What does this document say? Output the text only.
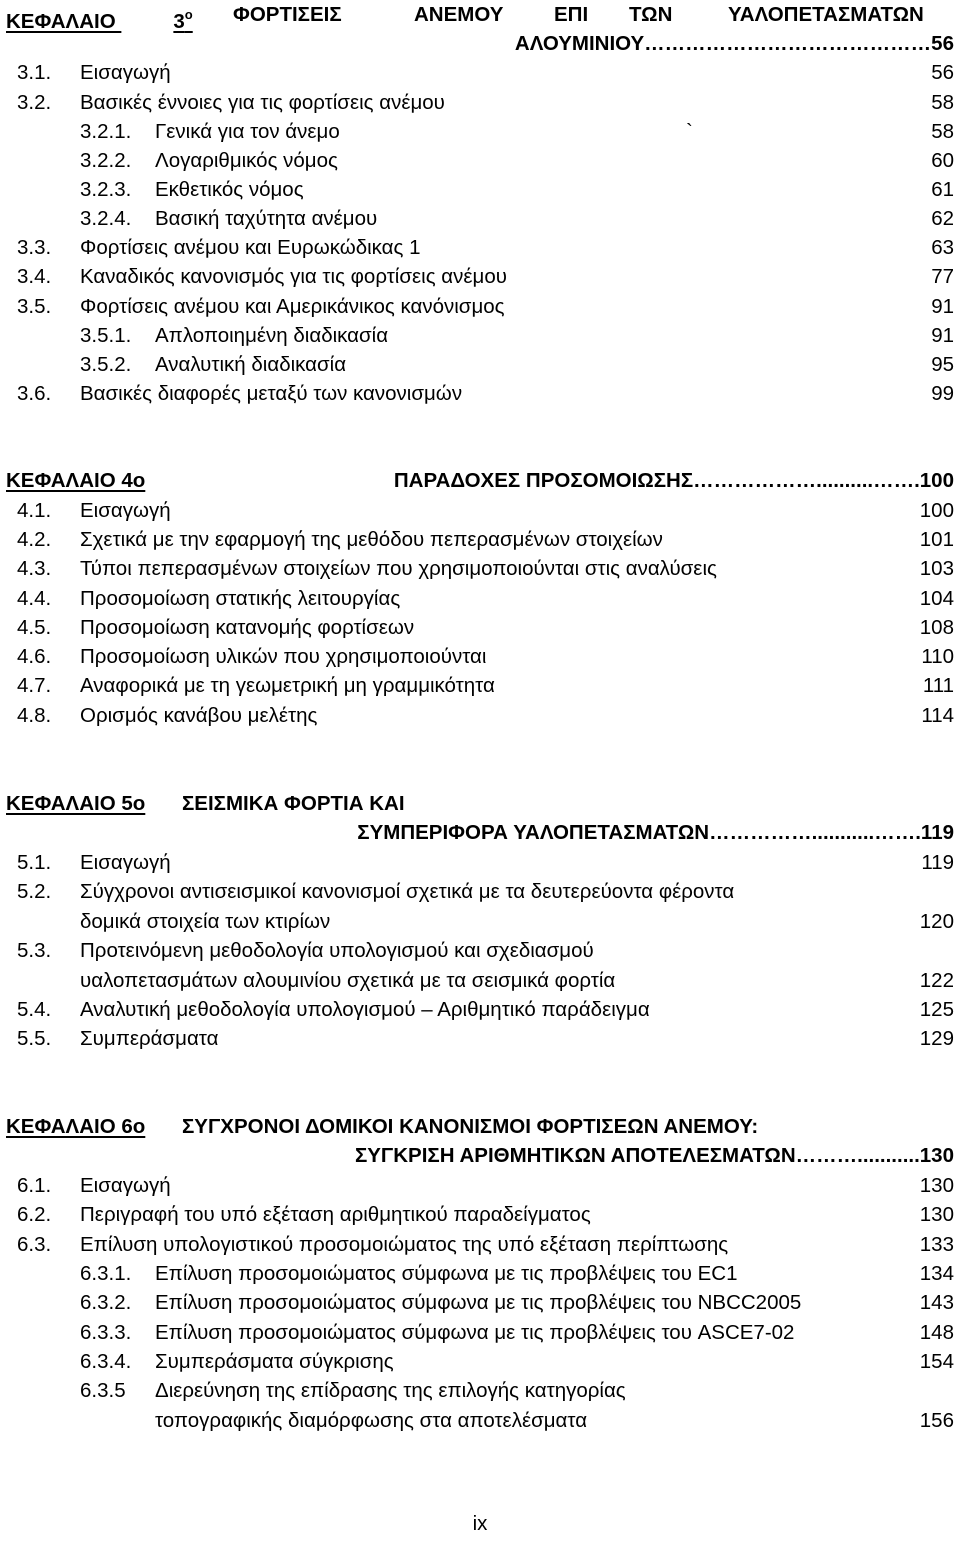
ΚΕΦΑΛΑΙΟ	$3^o$ ΦΟΡΤΙΣΕΙΣ	ΑΝΕΜΟΥ ΕΠΙ ΤΩΝ	ΥΑΛΟΠΕΤΑΣΜΑΤΩΝ
ΑΛΟΥΜΙΝΙΟΥ……………………………………56
3.1. Εισαγωγή	56
3.2. Βασικές έννοιες για τις φορτίσεις ανέμου	58
3.2.1. Γενικά για τον άνεμο	58
`
3.2.2. Λογαριθμικός νόμος	60
3.2.3. Εκθετικός νόμος	61
3.2.4. Βασική ταχύτητα ανέμου	62
3.3. Φορτίσεις ανέμου και Ευρωκώδικας 1	63
3.4. Καναδικός κανονισμός για τις φορτίσεις ανέμου	77
3.5. Φορτίσεις ανέμου και Αμερικάνικος κανόνισμος	91
3.5.1. Απλοποιημένη διαδικασία	91
3.5.2. Αναλυτική διαδικασία	95
3.6. Βασικές διαφορές μεταξύ των κανονισμών	99
ΚΕΦΑΛΑΙΟ 4ο	ΠΑΡΑΔΟΧΕΣ ΠΡΟΣΟΜΟΙΩΣΗΣ………………..........…….100
4.1. Εισαγωγή	100
4.2. Σχετικά με την εφαρμογή της μεθόδου πεπερασμένων στοιχείων	101
4.3. Τύποι πεπερασμένων στοιχείων που χρησιμοποιούνται στις αναλύσεις	103
4.4. Προσομοίωση στατικής λειτουργίας	104
4.5. Προσομοίωση κατανομής φορτίσεων	108
4.6. Προσομοίωση υλικών που χρησιμοποιούνται	110
4.7. Αναφορικά με τη γεωμετρική μη γραμμικότητα	111
4.8. Ορισμός κανάβου μελέτης	114
ΚΕΦΑΛΑΙΟ 5ο ΣΕΙΣΜΙΚΑ ΦΟΡΤΙΑ ΚΑΙ
ΣΥΜΠΕΡΙΦΟΡΑ ΥΑΛΟΠΕΤΑΣΜΑΤΩΝ……………...........…….119
5.1. Εισαγωγή	119
5.2. Σύγχρονοι αντισεισμικοί κανονισμοί σχετικά με τα δευτερεύοντα φέροντα
δομικά στοιχεία των κτιρίων	120
5.3. Προτεινόμενη μεθοδολογία υπολογισμού και σχεδιασμού
υαλοπετασμάτων αλουμινίου σχετικά με τα σεισμικά φορτία	122
5.4. Αναλυτική μεθοδολογία υπολογισμού – Αριθμητικό παράδειγμα	125
5.5. Συμπεράσματα	129
ΚΕΦΑΛΑΙΟ 6ο ΣΥΓΧΡΟΝΟΙ ΔΟΜΙΚΟΙ ΚΑΝΟΝΙΣΜΟΙ ΦΟΡΤΙΣΕΩΝ ΑΝΕΜΟΥ:
ΣΥΓΚΡΙΣΗ ΑΡΙΘΜΗΤΙΚΩΝ ΑΠΟΤΕΛΕΣΜΑΤΩΝ………...........130
6.1. Εισαγωγή	130
6.2. Περιγραφή του υπό εξέταση αριθμητικού παραδείγματος	130
6.3. Επίλυση υπολογιστικού προσομοιώματος της υπό εξέταση περίπτωσης	133
6.3.1. Επίλυση προσομοιώματος σύμφωνα με τις προβλέψεις του EC1	134
6.3.2. Επίλυση προσομοιώματος σύμφωνα με τις προβλέψεις του NBCC2005	143
6.3.3. Επίλυση προσομοιώματος σύμφωνα με τις προβλέψεις του ASCE7-02	148
6.3.4. Συμπεράσματα σύγκρισης	154
6.3.5 Διερεύνηση της επίδρασης της επιλογής κατηγορίας
τοπογραφικής διαμόρφωσης στα αποτελέσματα	156
ix
